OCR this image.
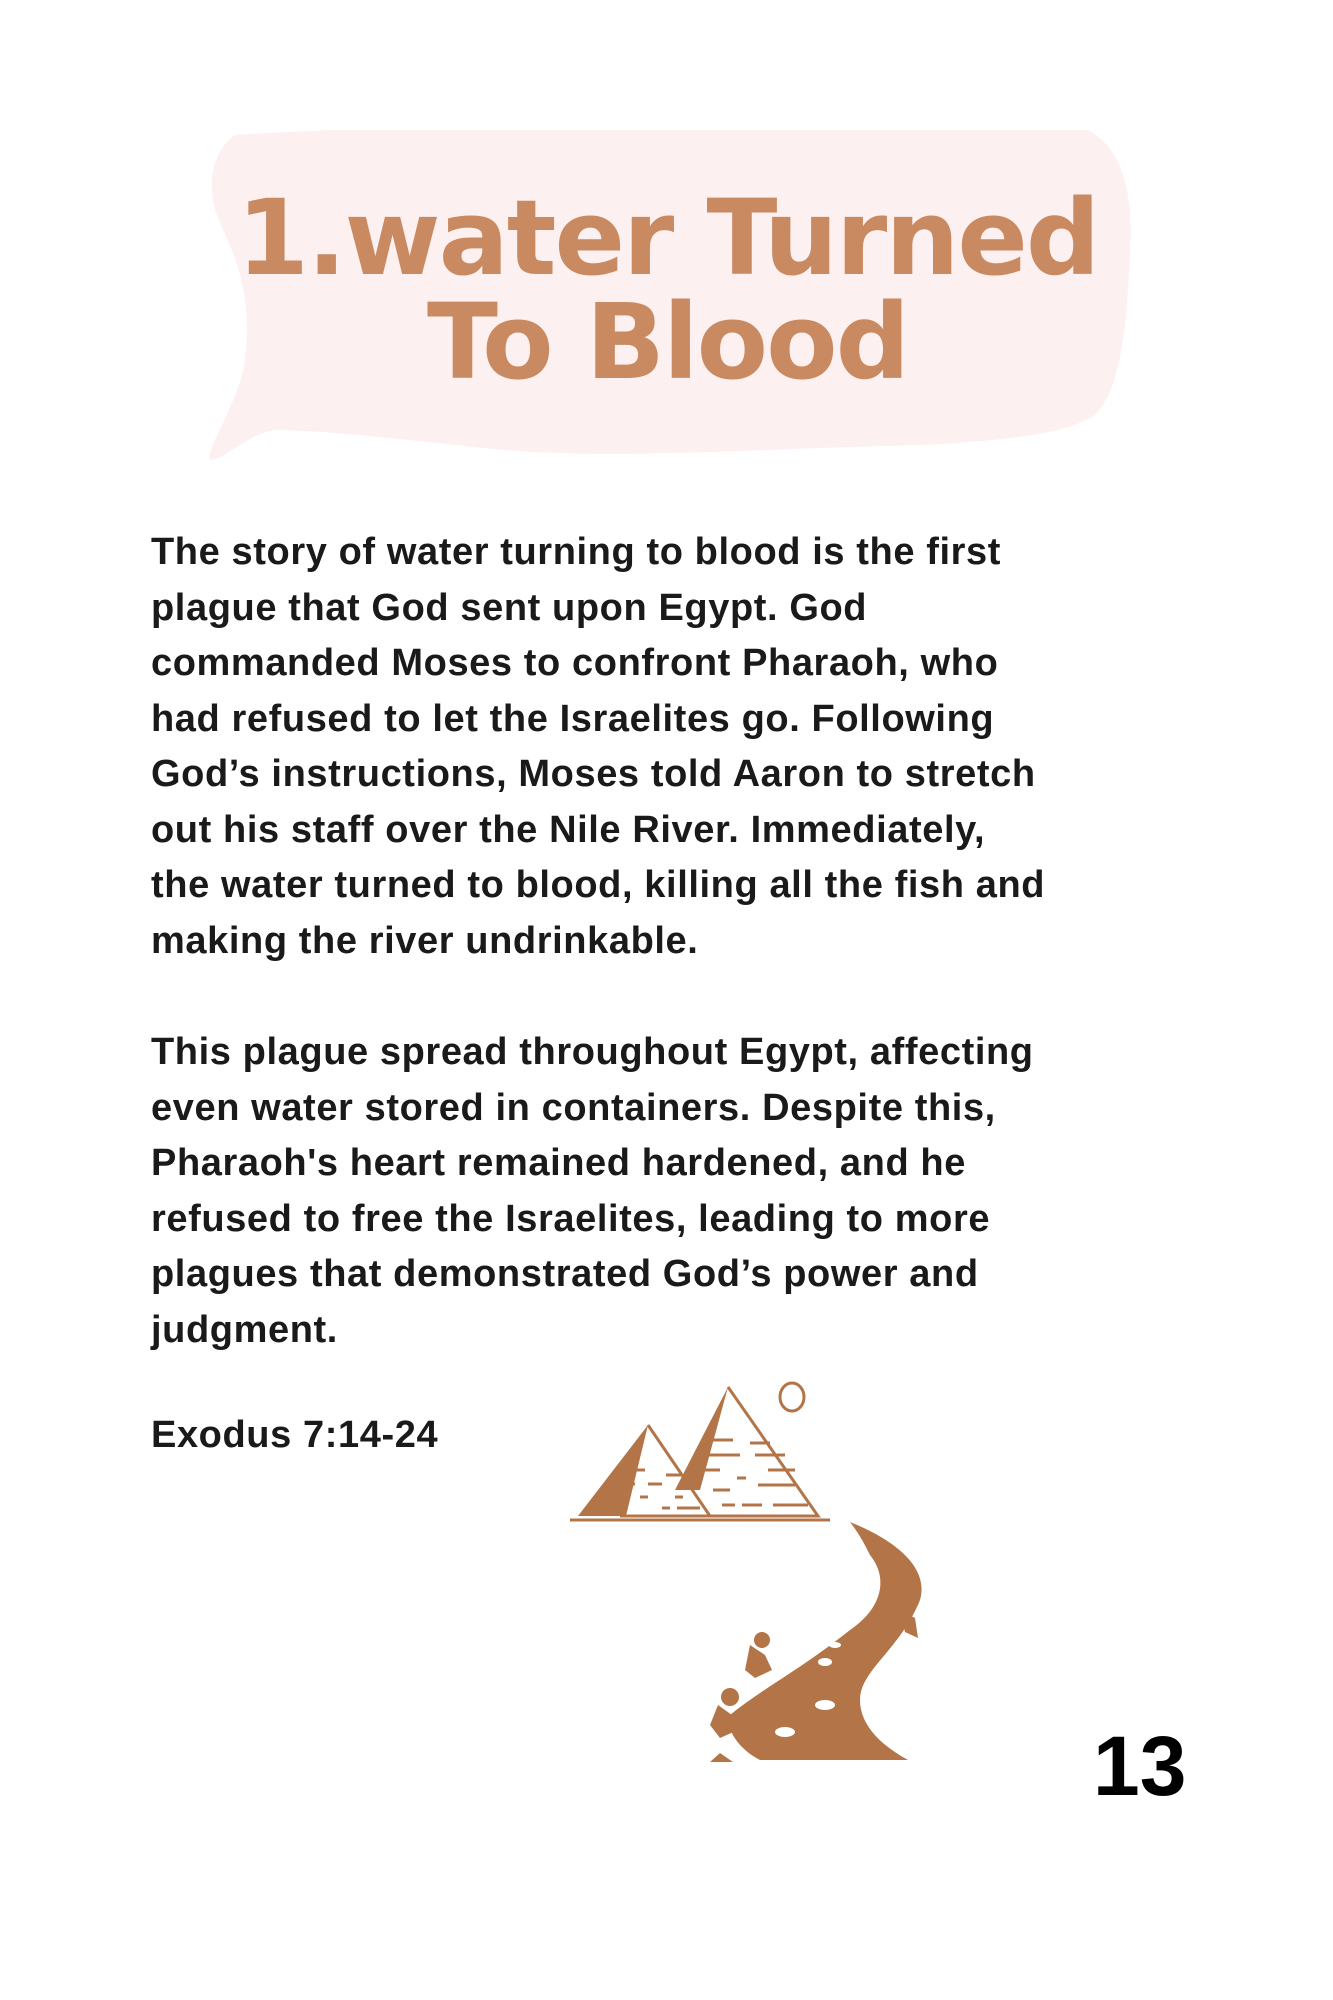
1.water Turned
To Blood
The story of water turning to blood is the first
plague that God sent upon Egypt. God
commanded Moses to confront Pharaoh, who
had refused to let the Israelites go. Following
God’s instructions, Moses told Aaron to stretch
out his staff over the Nile River. Immediately,
the water turned to blood, killing all the fish and
making the river undrinkable.
This plague spread throughout Egypt, affecting
even water stored in containers. Despite this,
Pharaoh's heart remained hardened, and he
refused to free the Israelites, leading to more
plagues that demonstrated God’s power and
judgment.
Exodus 7:14-24
13
